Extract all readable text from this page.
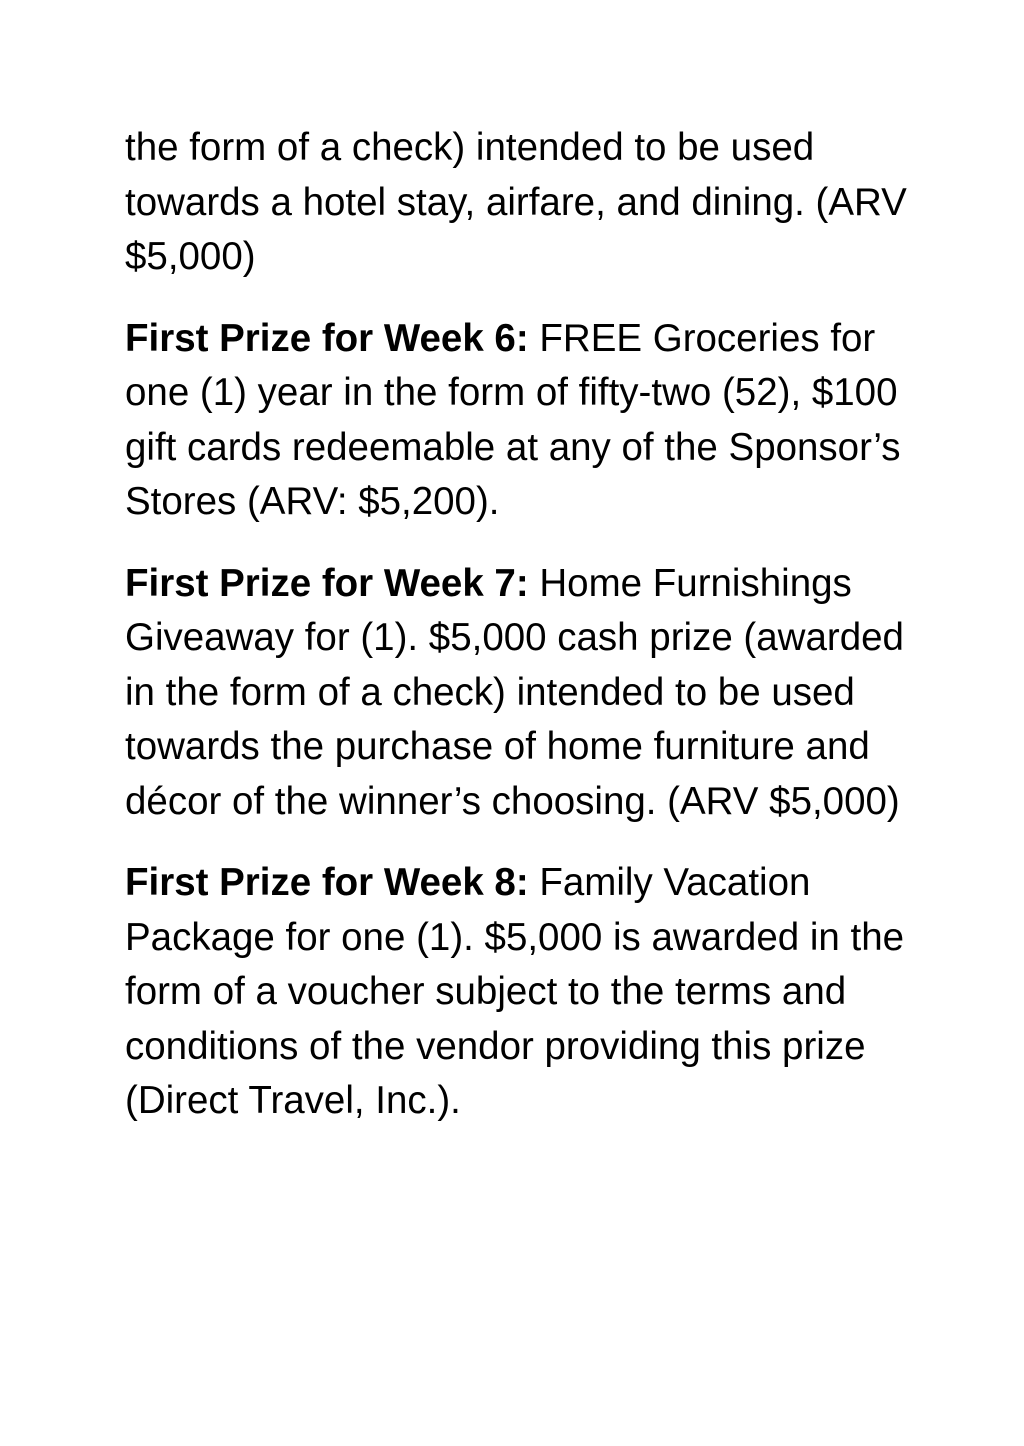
the form of a check) intended to be used towards a hotel stay, airfare, and dining. (ARV $5,000)

First Prize for Week 6: FREE Groceries for one (1) year in the form of fifty-two (52), $100 gift cards redeemable at any of the Sponsor’s Stores (ARV: $5,200).

First Prize for Week 7: Home Furnishings Giveaway for (1). $5,000 cash prize (awarded in the form of a check) intended to be used towards the purchase of home furniture and décor of the winner’s choosing. (ARV $5,000)

First Prize for Week 8: Family Vacation Package for one (1). $5,000 is awarded in the form of a voucher subject to the terms and conditions of the vendor providing this prize (Direct Travel, Inc.).
